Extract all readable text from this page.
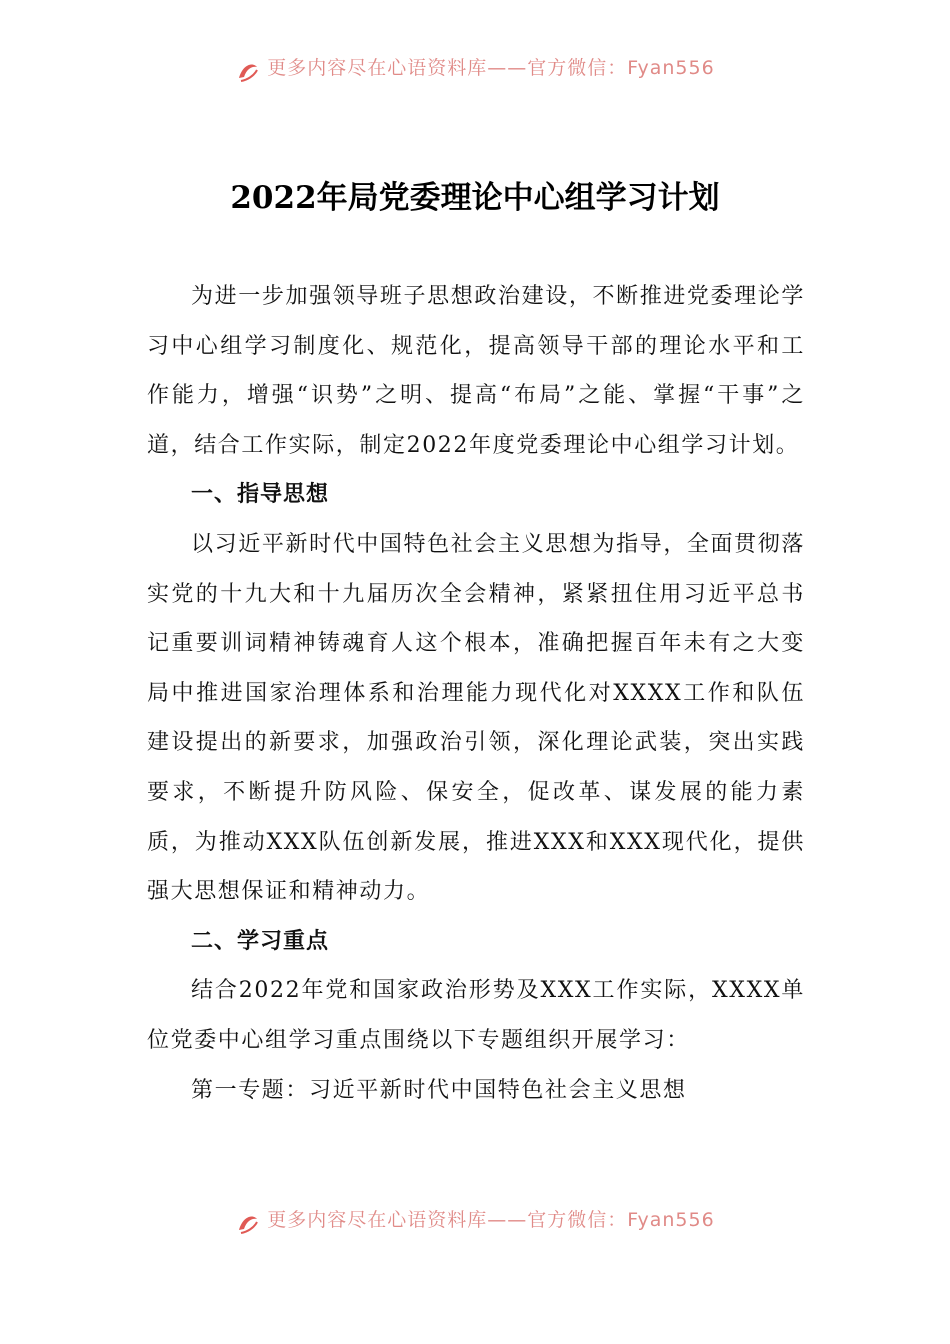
更多内容尽在心语资料库——官方微信：Fyan556
2022年局党委理论中心组学习计划

为进一步加强领导班子思想政治建设，不断推进党委理论学习中心组学习制度化、规范化，提高领导干部的理论水平和工作能力，增强“识势”之明、提高“布局”之能、掌握“干事”之道，结合工作实际，制定2022年度党委理论中心组学习计划。

一、指导思想

以习近平新时代中国特色社会主义思想为指导，全面贯彻落实党的十九大和十九届历次全会精神，紧紧扭住用习近平总书记重要训词精神铸魂育人这个根本，准确把握百年未有之大变局中推进国家治理体系和治理能力现代化对XXXX工作和队伍建设提出的新要求，加强政治引领，深化理论武装，突出实践要求，不断提升防风险、保安全，促改革、谋发展的能力素质，为推动XXX队伍创新发展，推进XXX和XXX现代化，提供强大思想保证和精神动力。

二、学习重点

结合2022年党和国家政治形势及XXX工作实际，XXXX单位党委中心组学习重点围绕以下专题组织开展学习：

第一专题：习近平新时代中国特色社会主义思想

更多内容尽在心语资料库——官方微信：Fyan556
